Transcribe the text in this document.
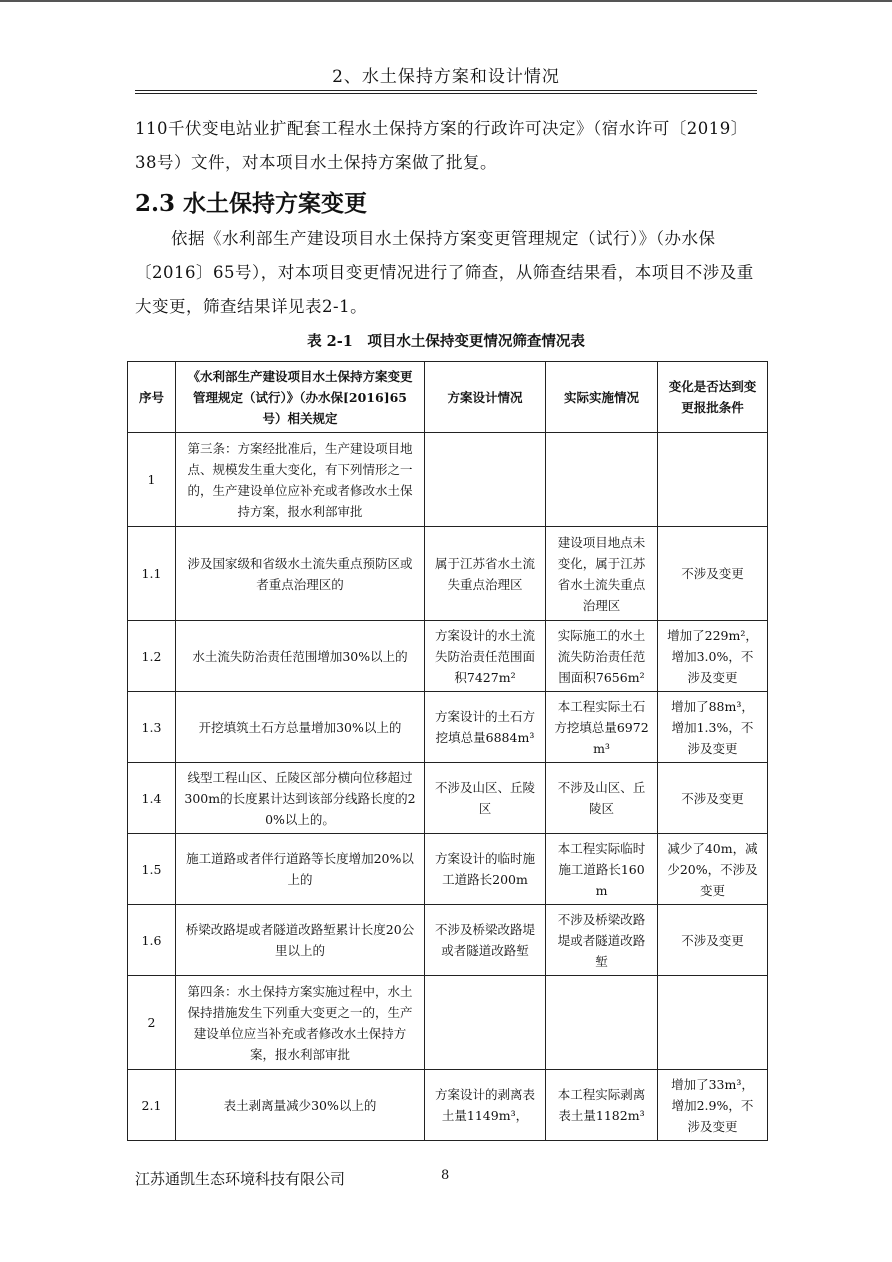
2、水土保持方案和设计情况
110千伏变电站业扩配套工程水土保持方案的行政许可决定》（宿水许可〔2019〕38号）文件，对本项目水土保持方案做了批复。
2.3 水土保持方案变更
依据《水利部生产建设项目水土保持方案变更管理规定（试行）》（办水保〔2016〕65号），对本项目变更情况进行了筛查，从筛查结果看，本项目不涉及重大变更，筛查结果详见表2-1。
表 2-1　项目水土保持变更情况筛查情况表
序号	《水利部生产建设项目水土保持方案变更管理规定（试行）》（办水保[2016]65号）相关规定	方案设计情况	实际实施情况	变化是否达到变更报批条件
1	第三条：方案经批准后，生产建设项目地点、规模发生重大变化，有下列情形之一的，生产建设单位应补充或者修改水土保持方案，报水利部审批			
1.1	涉及国家级和省级水土流失重点预防区或者重点治理区的	属于江苏省水土流失重点治理区	建设项目地点未变化，属于江苏省水土流失重点治理区	不涉及变更
1.2	水土流失防治责任范围增加30%以上的	方案设计的水土流失防治责任范围面积7427m²	实际施工的水土流失防治责任范围面积7656m²	增加了229m²，增加3.0%，不涉及变更
1.3	开挖填筑土石方总量增加30%以上的	方案设计的土石方挖填总量6884m³	本工程实际土石方挖填总量6972m³	增加了88m³，增加1.3%，不涉及变更
1.4	线型工程山区、丘陵区部分横向位移超过300m的长度累计达到该部分线路长度的20%以上的。	不涉及山区、丘陵区	不涉及山区、丘陵区	不涉及变更
1.5	施工道路或者伴行道路等长度增加20%以上的	方案设计的临时施工道路长200m	本工程实际临时施工道路长160m	减少了40m，减少20%，不涉及变更
1.6	桥梁改路堤或者隧道改路堑累计长度20公里以上的	不涉及桥梁改路堤或者隧道改路堑	不涉及桥梁改路堤或者隧道改路堑	不涉及变更
2	第四条：水土保持方案实施过程中，水土保持措施发生下列重大变更之一的，生产建设单位应当补充或者修改水土保持方案，报水利部审批			
2.1	表土剥离量减少30%以上的	方案设计的剥离表土量1149m³，	本工程实际剥离表土量1182m³	增加了33m³，增加2.9%，不涉及变更
江苏通凯生态环境科技有限公司	8
